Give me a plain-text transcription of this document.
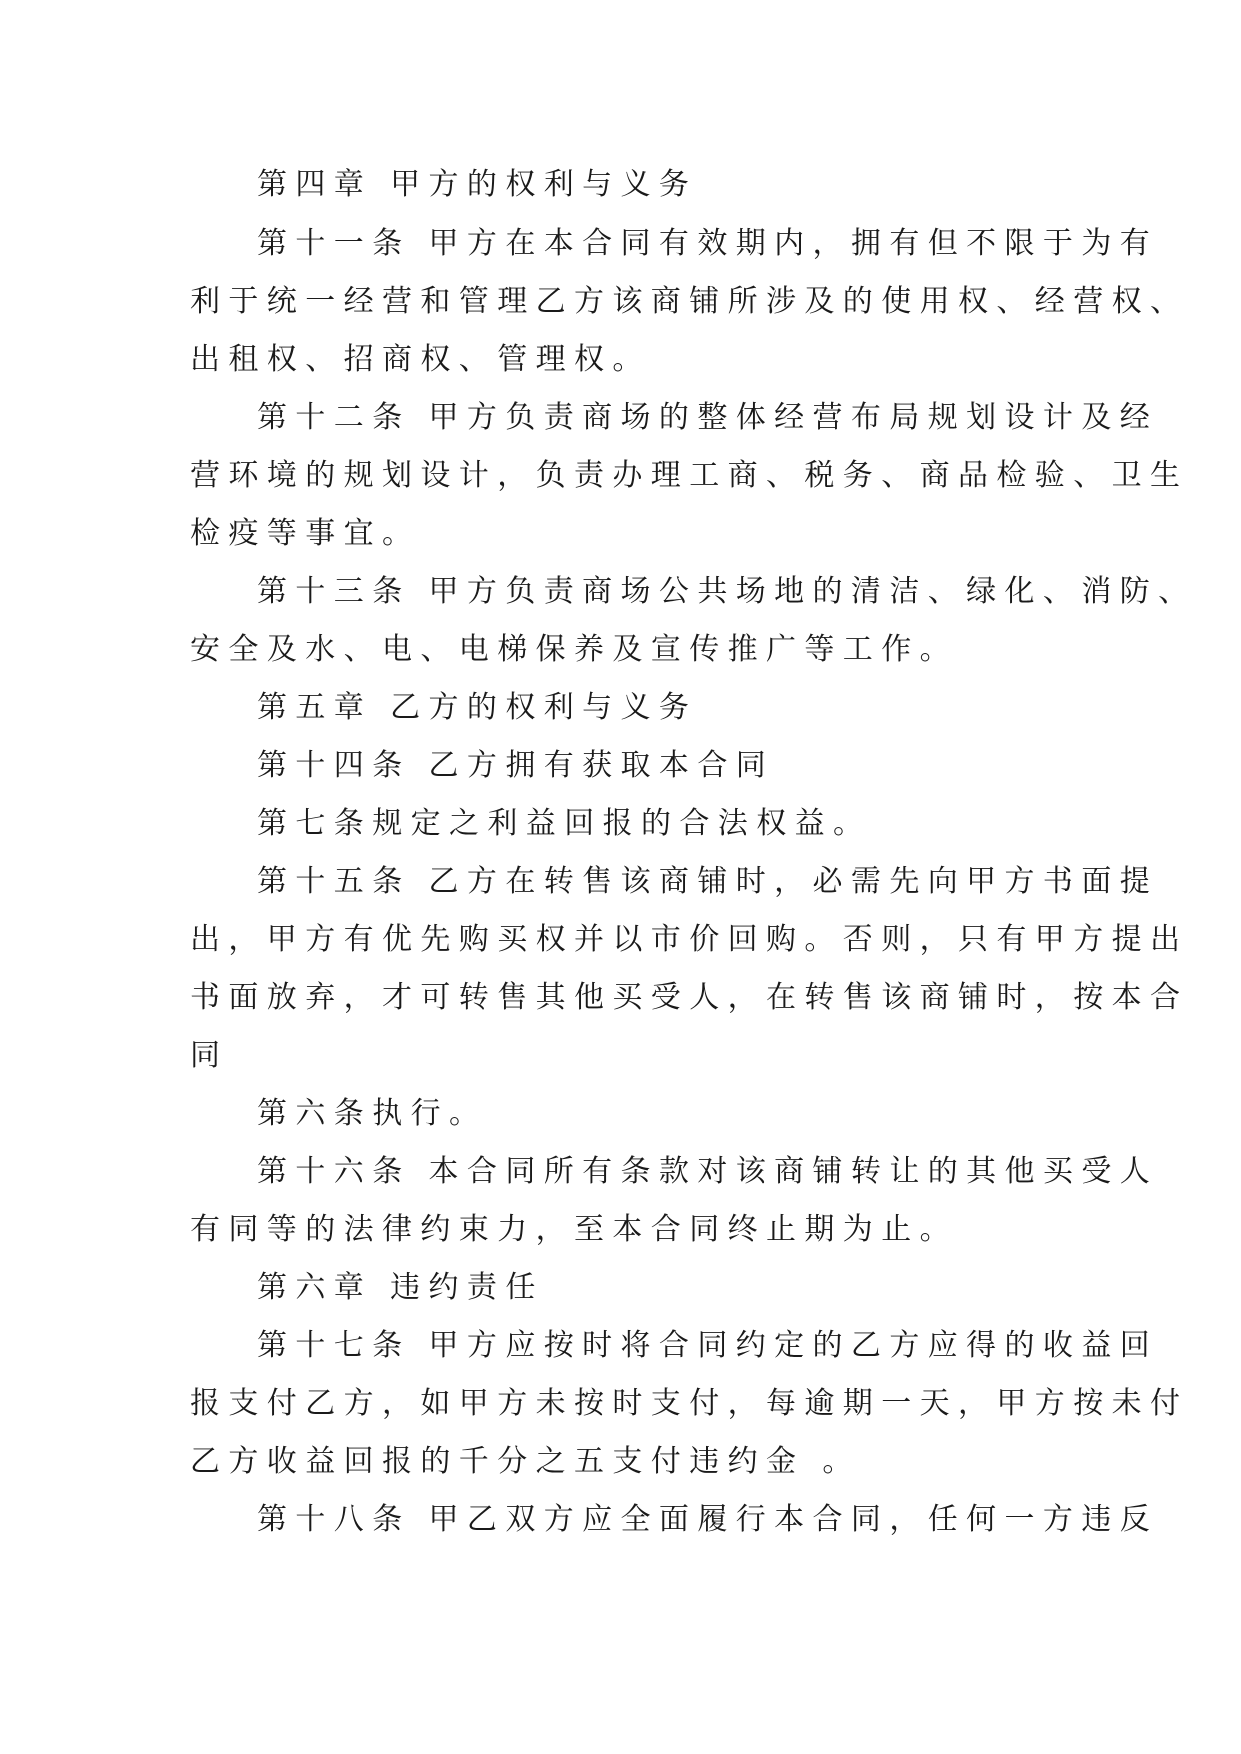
第四章 甲方的权利与义务
第十一条 甲方在本合同有效期内，拥有但不限于为有
利于统一经营和管理乙方该商铺所涉及的使用权、经营权、
出租权、招商权、管理权。
第十二条 甲方负责商场的整体经营布局规划设计及经
营环境的规划设计，负责办理工商、税务、商品检验、卫生
检疫等事宜。
第十三条 甲方负责商场公共场地的清洁、绿化、消防、
安全及水、电、电梯保养及宣传推广等工作。
第五章 乙方的权利与义务
第十四条 乙方拥有获取本合同
第七条规定之利益回报的合法权益。
第十五条 乙方在转售该商铺时，必需先向甲方书面提
出，甲方有优先购买权并以市价回购。否则，只有甲方提出
书面放弃，才可转售其他买受人，在转售该商铺时，按本合
同
第六条执行。
第十六条 本合同所有条款对该商铺转让的其他买受人
有同等的法律约束力，至本合同终止期为止。
第六章 违约责任
第十七条 甲方应按时将合同约定的乙方应得的收益回
报支付乙方，如甲方未按时支付，每逾期一天，甲方按未付
乙方收益回报的千分之五支付违约金 。
第十八条 甲乙双方应全面履行本合同，任何一方违反
